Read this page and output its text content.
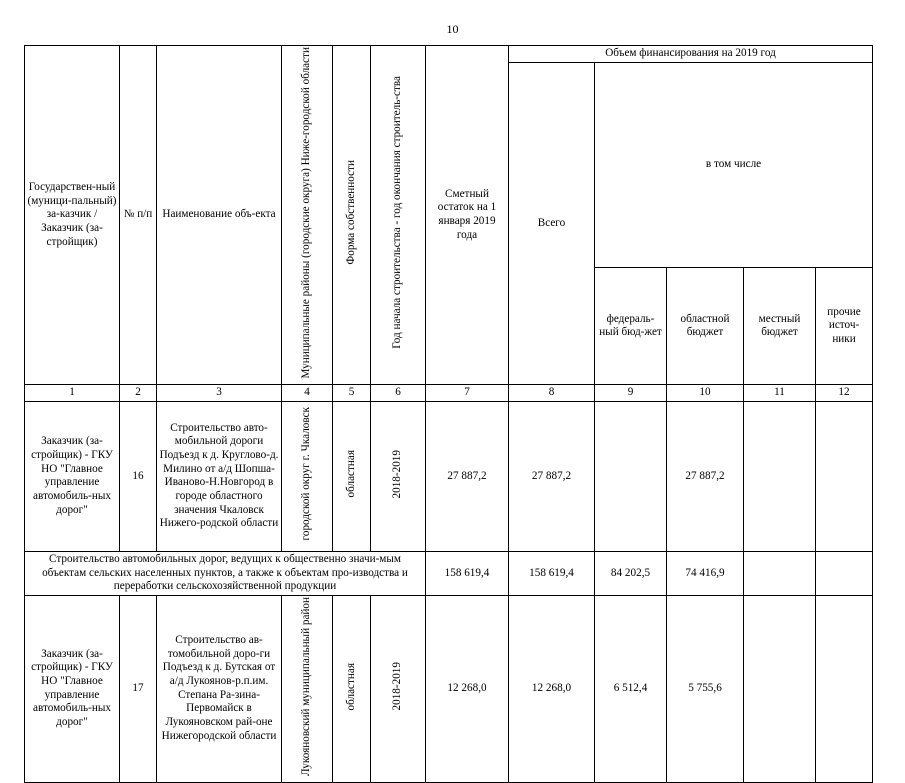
10
Государствен-ный (муници-пальный) за-казчик / Заказчик (за-стройщик)	№ п/п	Наименование объ-екта	Муниципальные районы (городские округа) Ниже-городской области	Форма собственности	Год начала строительства - год окончания строитель-ства	Сметный остаток на 1 января 2019 года	Объем финансирования на 2019 год				
							Всего	в том числе			
								федераль-ный бюд-жет	областной бюджет	местный бюджет	прочие источ-ники
1	2	3	4	5	6	7	8	9	10	11	12
Заказчик (за-стройщик) - ГКУ НО "Главное управление автомобиль-ных дорог"	16	Строительство авто-мобильной дороги Подъезд к д. Круглово-д. Милино от а/д Шопша-Иваново-Н.Новгород в городе областного значения Чкаловск Нижего-родской области	городской округ г. Чкаловск	областная	2018-2019	27 887,2	27 887,2		27 887,2		
Строительство автомобильных дорог, ведущих к общественно значи-мым объектам сельских населенных пунктов, а также к объектам про-изводства и переработки сельскохозяйственной продукции						158 619,4	158 619,4	84 202,5	74 416,9		
Заказчик (за-стройщик) - ГКУ НО "Главное управление автомобиль-ных дорог"	17	Строительство ав-томобильной доро-ги Подъезд к д. Бутская от а/д Лукоянов-р.п.им. Степана Ра-зина-Первомайск в Лукояновском рай-оне Нижегородской области	Лукояновский муниципальный район	областная	2018-2019	12 268,0	12 268,0	6 512,4	5 755,6		
